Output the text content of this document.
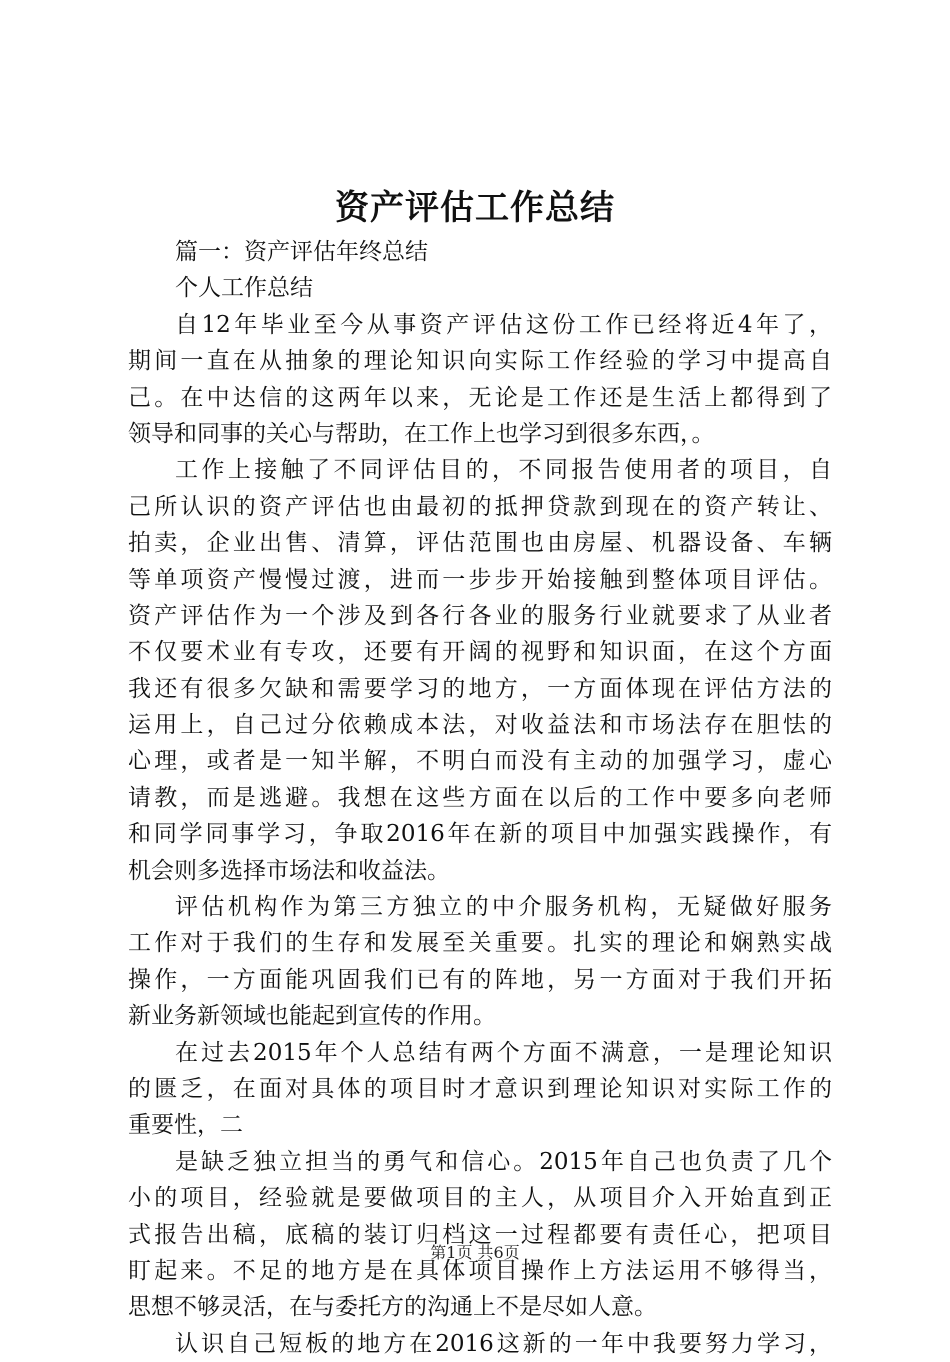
资产评估工作总结
篇一：资产评估年终总结
个人工作总结
自12年毕业至今从事资产评估这份工作已经将近4年了，
期间一直在从抽象的理论知识向实际工作经验的学习中提高自
己。在中达信的这两年以来，无论是工作还是生活上都得到了
领导和同事的关心与帮助，在工作上也学习到很多东西，。
工作上接触了不同评估目的，不同报告使用者的项目，自
己所认识的资产评估也由最初的抵押贷款到现在的资产转让、
拍卖，企业出售、清算，评估范围也由房屋、机器设备、车辆
等单项资产慢慢过渡，进而一步步开始接触到整体项目评估。
资产评估作为一个涉及到各行各业的服务行业就要求了从业者
不仅要术业有专攻，还要有开阔的视野和知识面，在这个方面
我还有很多欠缺和需要学习的地方，一方面体现在评估方法的
运用上，自己过分依赖成本法，对收益法和市场法存在胆怯的
心理，或者是一知半解，不明白而没有主动的加强学习，虚心
请教，而是逃避。我想在这些方面在以后的工作中要多向老师
和同学同事学习，争取2016年在新的项目中加强实践操作，有
机会则多选择市场法和收益法。
评估机构作为第三方独立的中介服务机构，无疑做好服务
工作对于我们的生存和发展至关重要。扎实的理论和娴熟实战
操作，一方面能巩固我们已有的阵地，另一方面对于我们开拓
新业务新领域也能起到宣传的作用。
在过去2015年个人总结有两个方面不满意，一是理论知识
的匮乏，在面对具体的项目时才意识到理论知识对实际工作的
重要性，二
是缺乏独立担当的勇气和信心。2015年自己也负责了几个
小的项目，经验就是要做项目的主人，从项目介入开始直到正
式报告出稿，底稿的装订归档这一过程都要有责任心，把项目
盯起来。不足的地方是在具体项目操作上方法运用不够得当，
思想不够灵活，在与委托方的沟通上不是尽如人意。
认识自己短板的地方在2016这新的一年中我要努力学习，
第1页 共6页
